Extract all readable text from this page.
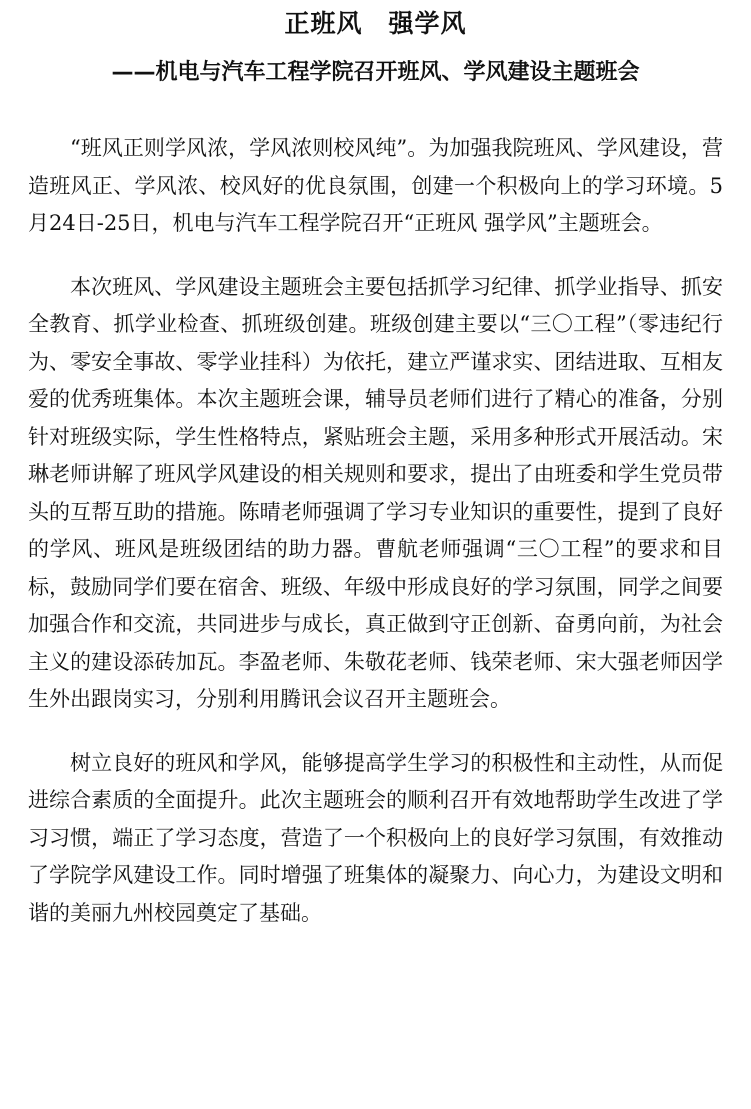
正班风　强学风
——机电与汽车工程学院召开班风、学风建设主题班会

“班风正则学风浓，学风浓则校风纯”。为加强我院班风、学风建设，营造班风正、学风浓、校风好的优良氛围，创建一个积极向上的学习环境。5月24日-25日，机电与汽车工程学院召开“正班风 强学风”主题班会。

本次班风、学风建设主题班会主要包括抓学习纪律、抓学业指导、抓安全教育、抓学业检查、抓班级创建。班级创建主要以“三〇工程”（零违纪行为、零安全事故、零学业挂科）为依托，建立严谨求实、团结进取、互相友爱的优秀班集体。本次主题班会课，辅导员老师们进行了精心的准备，分别针对班级实际，学生性格特点，紧贴班会主题，采用多种形式开展活动。宋琳老师讲解了班风学风建设的相关规则和要求，提出了由班委和学生党员带头的互帮互助的措施。陈晴老师强调了学习专业知识的重要性，提到了良好的学风、班风是班级团结的助力器。曹航老师强调“三〇工程”的要求和目标，鼓励同学们要在宿舍、班级、年级中形成良好的学习氛围，同学之间要加强合作和交流，共同进步与成长，真正做到守正创新、奋勇向前，为社会主义的建设添砖加瓦。李盈老师、朱敬花老师、钱荣老师、宋大强老师因学生外出跟岗实习，分别利用腾讯会议召开主题班会。

树立良好的班风和学风，能够提高学生学习的积极性和主动性，从而促进综合素质的全面提升。此次主题班会的顺利召开有效地帮助学生改进了学习习惯，端正了学习态度，营造了一个积极向上的良好学习氛围，有效推动了学院学风建设工作。同时增强了班集体的凝聚力、向心力，为建设文明和谐的美丽九州校园奠定了基础。
